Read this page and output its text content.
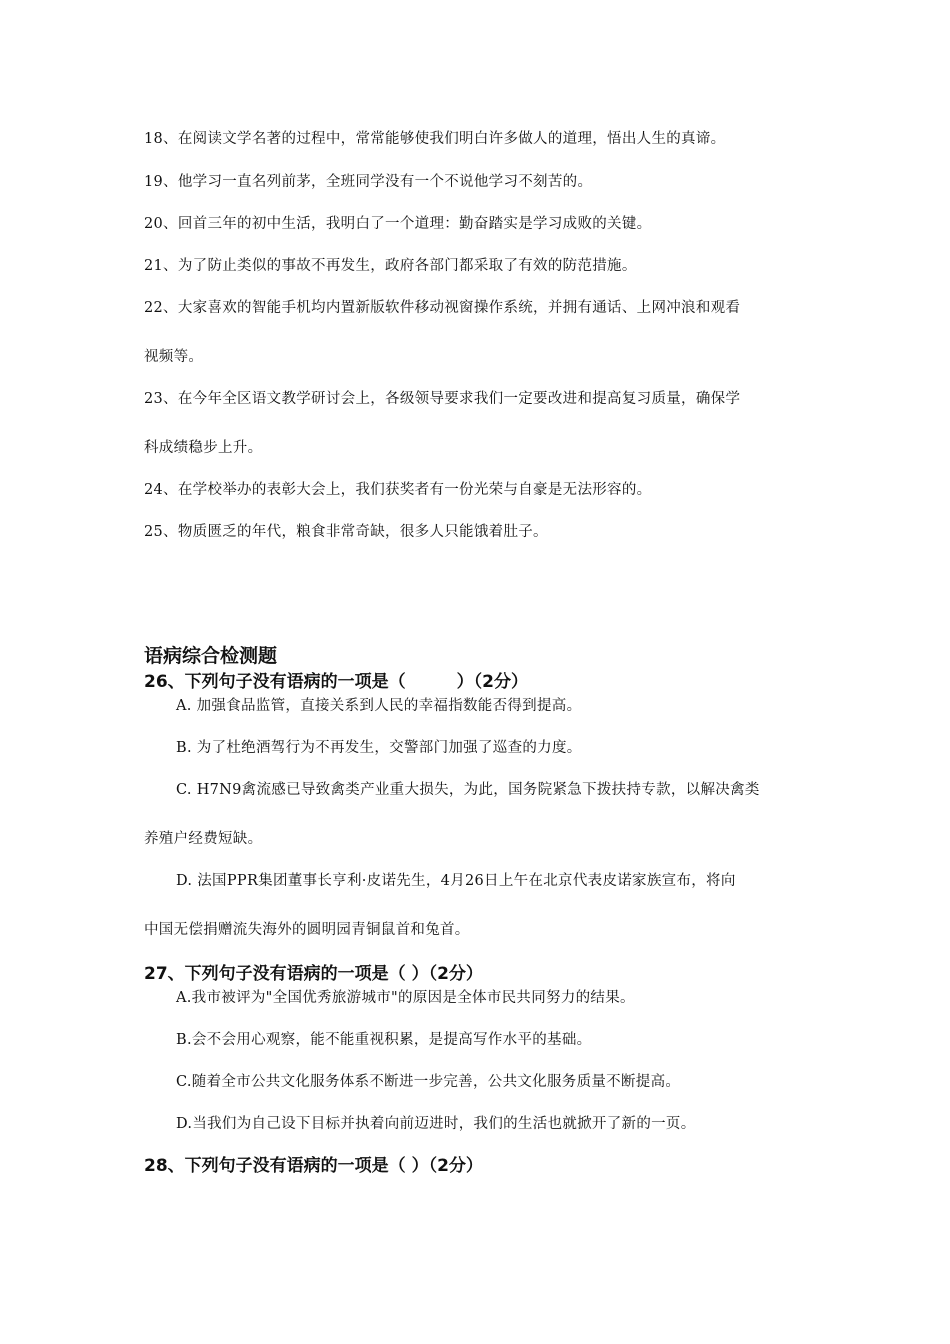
18、在阅读文学名著的过程中，常常能够使我们明白许多做人的道理，悟出人生的真谛。
19、他学习一直名列前茅，全班同学没有一个不说他学习不刻苦的。
20、回首三年的初中生活，我明白了一个道理：勤奋踏实是学习成败的关键。
21、为了防止类似的事故不再发生，政府各部门都采取了有效的防范措施。
22、大家喜欢的智能手机均内置新版软件移动视窗操作系统，并拥有通话、上网冲浪和观看
视频等。
23、在今年全区语文教学研讨会上，各级领导要求我们一定要改进和提高复习质量，确保学
科成绩稳步上升。
24、在学校举办的表彰大会上，我们获奖者有一份光荣与自豪是无法形容的。
25、物质匮乏的年代，粮食非常奇缺，很多人只能饿着肚子。
语病综合检测题
26、下列句子没有语病的一项是（　　　）（2分）
A. 加强食品监管，直接关系到人民的幸福指数能否得到提高。
B. 为了杜绝酒驾行为不再发生，交警部门加强了巡查的力度。
C. H7N9禽流感已导致禽类产业重大损失，为此，国务院紧急下拨扶持专款，以解决禽类
养殖户经费短缺。
D. 法国PPR集团董事长亨利·皮诺先生，4月26日上午在北京代表皮诺家族宣布，将向
中国无偿捐赠流失海外的圆明园青铜鼠首和兔首。
27、下列句子没有语病的一项是（ ）（2分）
A.我市被评为"全国优秀旅游城市"的原因是全体市民共同努力的结果。
B.会不会用心观察，能不能重视积累，是提高写作水平的基础。
C.随着全市公共文化服务体系不断进一步完善，公共文化服务质量不断提高。
D.当我们为自己设下目标并执着向前迈进时，我们的生活也就掀开了新的一页。
28、下列句子没有语病的一项是（ ）（2分）
